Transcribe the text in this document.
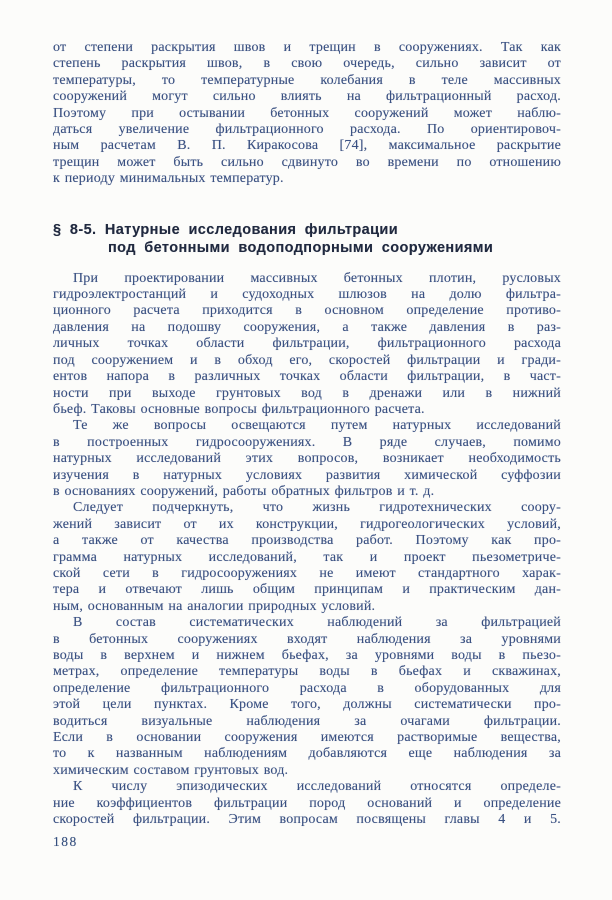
от степени раскрытия швов и трещин в сооружениях. Так как
степень раскрытия швов, в свою очередь, сильно зависит от
температуры, то температурные колебания в теле массивных
сооружений могут сильно влиять на фильтрационный расход.
Поэтому при остывании бетонных сооружений может наблю-
даться увеличение фильтрационного расхода. По ориентировоч-
ным расчетам В. П. Киракосова [74], максимальное раскрытие
трещин может быть сильно сдвинуто во времени по отношению
к периоду минимальных температур.
§ 8-5. Натурные исследования фильтрации
под бетонными водоподпорными сооружениями
При проектировании массивных бетонных плотин, русловых
гидроэлектростанций и судоходных шлюзов на долю фильтра-
ционного расчета приходится в основном определение противо-
давления на подошву сооружения, а также давления в раз-
личных точках области фильтрации, фильтрационного расхода
под сооружением и в обход его, скоростей фильтрации и гради-
ентов напора в различных точках области фильтрации, в част-
ности при выходе грунтовых вод в дренажи или в нижний
бьеф. Таковы основные вопросы фильтрационного расчета.
Те же вопросы освещаются путем натурных исследований
в построенных гидросооружениях. В ряде случаев, помимо
натурных исследований этих вопросов, возникает необходимость
изучения в натурных условиях развития химической суффозии
в основаниях сооружений, работы обратных фильтров и т. д.
Следует подчеркнуть, что жизнь гидротехнических соору-
жений зависит от их конструкции, гидрогеологических условий,
а также от качества производства работ. Поэтому как про-
грамма натурных исследований, так и проект пьезометриче-
ской сети в гидросооружениях не имеют стандартного харак-
тера и отвечают лишь общим принципам и практическим дан-
ным, основанным на аналогии природных условий.
В состав систематических наблюдений за фильтрацией
в бетонных сооружениях входят наблюдения за уровнями
воды в верхнем и нижнем бьефах, за уровнями воды в пьезо-
метрах, определение температуры воды в бьефах и скважинах,
определение фильтрационного расхода в оборудованных для
этой цели пунктах. Кроме того, должны систематически про-
водиться визуальные наблюдения за очагами фильтрации.
Если в основании сооружения имеются растворимые вещества,
то к названным наблюдениям добавляются еще наблюдения за
химическим составом грунтовых вод.
К числу эпизодических исследований относятся определе-
ние коэффициентов фильтрации пород оснований и определение
скоростей фильтрации. Этим вопросам посвящены главы 4 и 5.
188
